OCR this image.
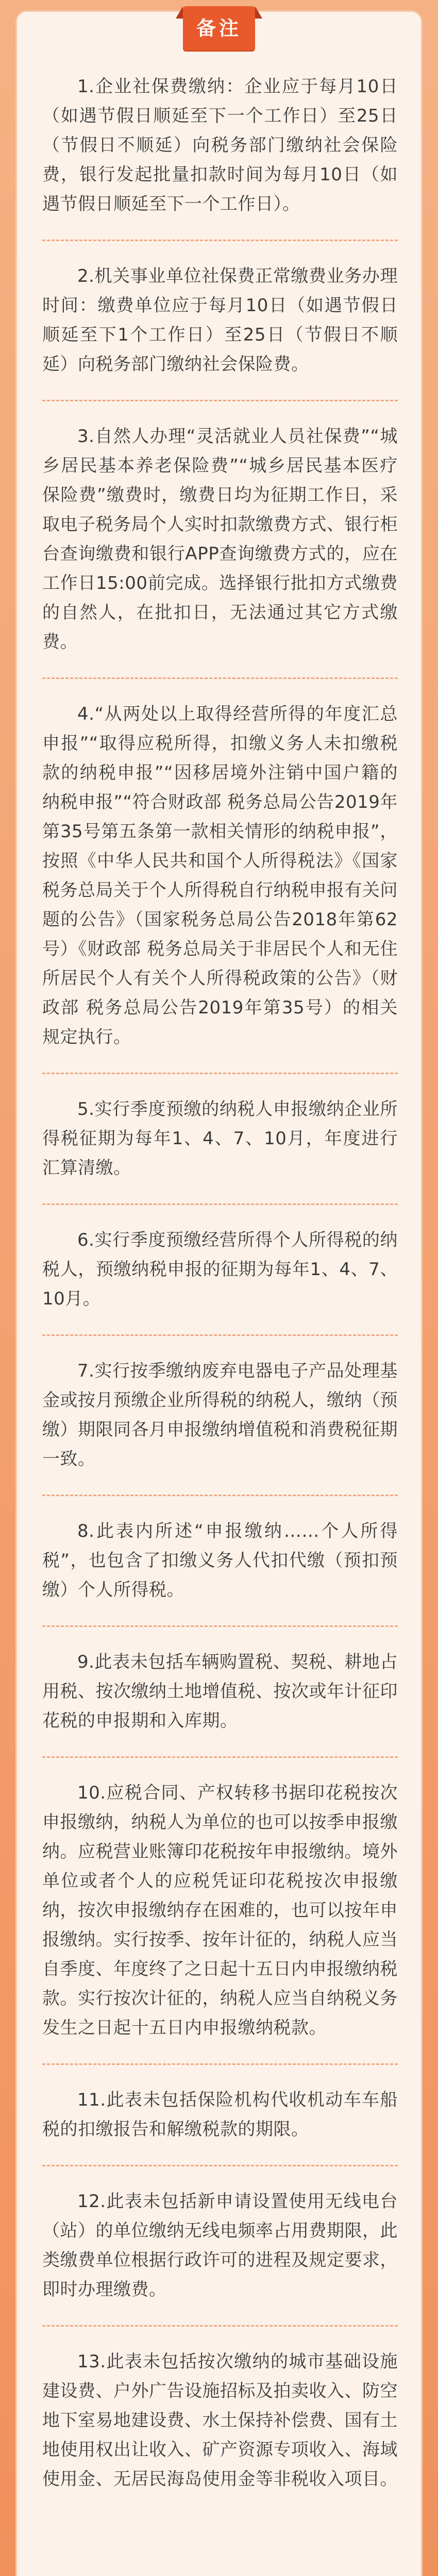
备注

1.企业社保费缴纳：企业应于每月10日（如遇节假日顺延至下一个工作日）至25日（节假日不顺延）向税务部门缴纳社会保险费，银行发起批量扣款时间为每月10日（如遇节假日顺延至下一个工作日）。

2.机关事业单位社保费正常缴费业务办理时间：缴费单位应于每月10日（如遇节假日顺延至下1个工作日）至25日（节假日不顺延）向税务部门缴纳社会保险费。

3.自然人办理“灵活就业人员社保费”“城乡居民基本养老保险费”“城乡居民基本医疗保险费”缴费时，缴费日均为征期工作日，采取电子税务局个人实时扣款缴费方式、银行柜台查询缴费和银行APP查询缴费方式的，应在工作日15:00前完成。选择银行批扣方式缴费的自然人，在批扣日，无法通过其它方式缴费。

4.“从两处以上取得经营所得的年度汇总申报”“取得应税所得，扣缴义务人未扣缴税款的纳税申报”“因移居境外注销中国户籍的纳税申报”“符合财政部 税务总局公告2019年第35号第五条第一款相关情形的纳税申报”，按照《中华人民共和国个人所得税法》《国家税务总局关于个人所得税自行纳税申报有关问题的公告》（国家税务总局公告2018年第62号）《财政部 税务总局关于非居民个人和无住所居民个人有关个人所得税政策的公告》（财政部 税务总局公告2019年第35号）的相关规定执行。

5.实行季度预缴的纳税人申报缴纳企业所得税征期为每年1、4、7、10月，年度进行汇算清缴。

6.实行季度预缴经营所得个人所得税的纳税人，预缴纳税申报的征期为每年1、4、7、10月。

7.实行按季缴纳废弃电器电子产品处理基金或按月预缴企业所得税的纳税人，缴纳（预缴）期限同各月申报缴纳增值税和消费税征期一致。

8.此表内所述“申报缴纳……个人所得税”，也包含了扣缴义务人代扣代缴（预扣预缴）个人所得税。

9.此表未包括车辆购置税、契税、耕地占用税、按次缴纳土地增值税、按次或年计征印花税的申报期和入库期。

10.应税合同、产权转移书据印花税按次申报缴纳，纳税人为单位的也可以按季申报缴纳。应税营业账簿印花税按年申报缴纳。境外单位或者个人的应税凭证印花税按次申报缴纳，按次申报缴纳存在困难的，也可以按年申报缴纳。实行按季、按年计征的，纳税人应当自季度、年度终了之日起十五日内申报缴纳税款。实行按次计征的，纳税人应当自纳税义务发生之日起十五日内申报缴纳税款。

11.此表未包括保险机构代收机动车车船税的扣缴报告和解缴税款的期限。

12.此表未包括新申请设置使用无线电台（站）的单位缴纳无线电频率占用费期限，此类缴费单位根据行政许可的进程及规定要求，即时办理缴费。

13.此表未包括按次缴纳的城市基础设施建设费、户外广告设施招标及拍卖收入、防空地下室易地建设费、水土保持补偿费、国有土地使用权出让收入、矿产资源专项收入、海域使用金、无居民海岛使用金等非税收入项目。
